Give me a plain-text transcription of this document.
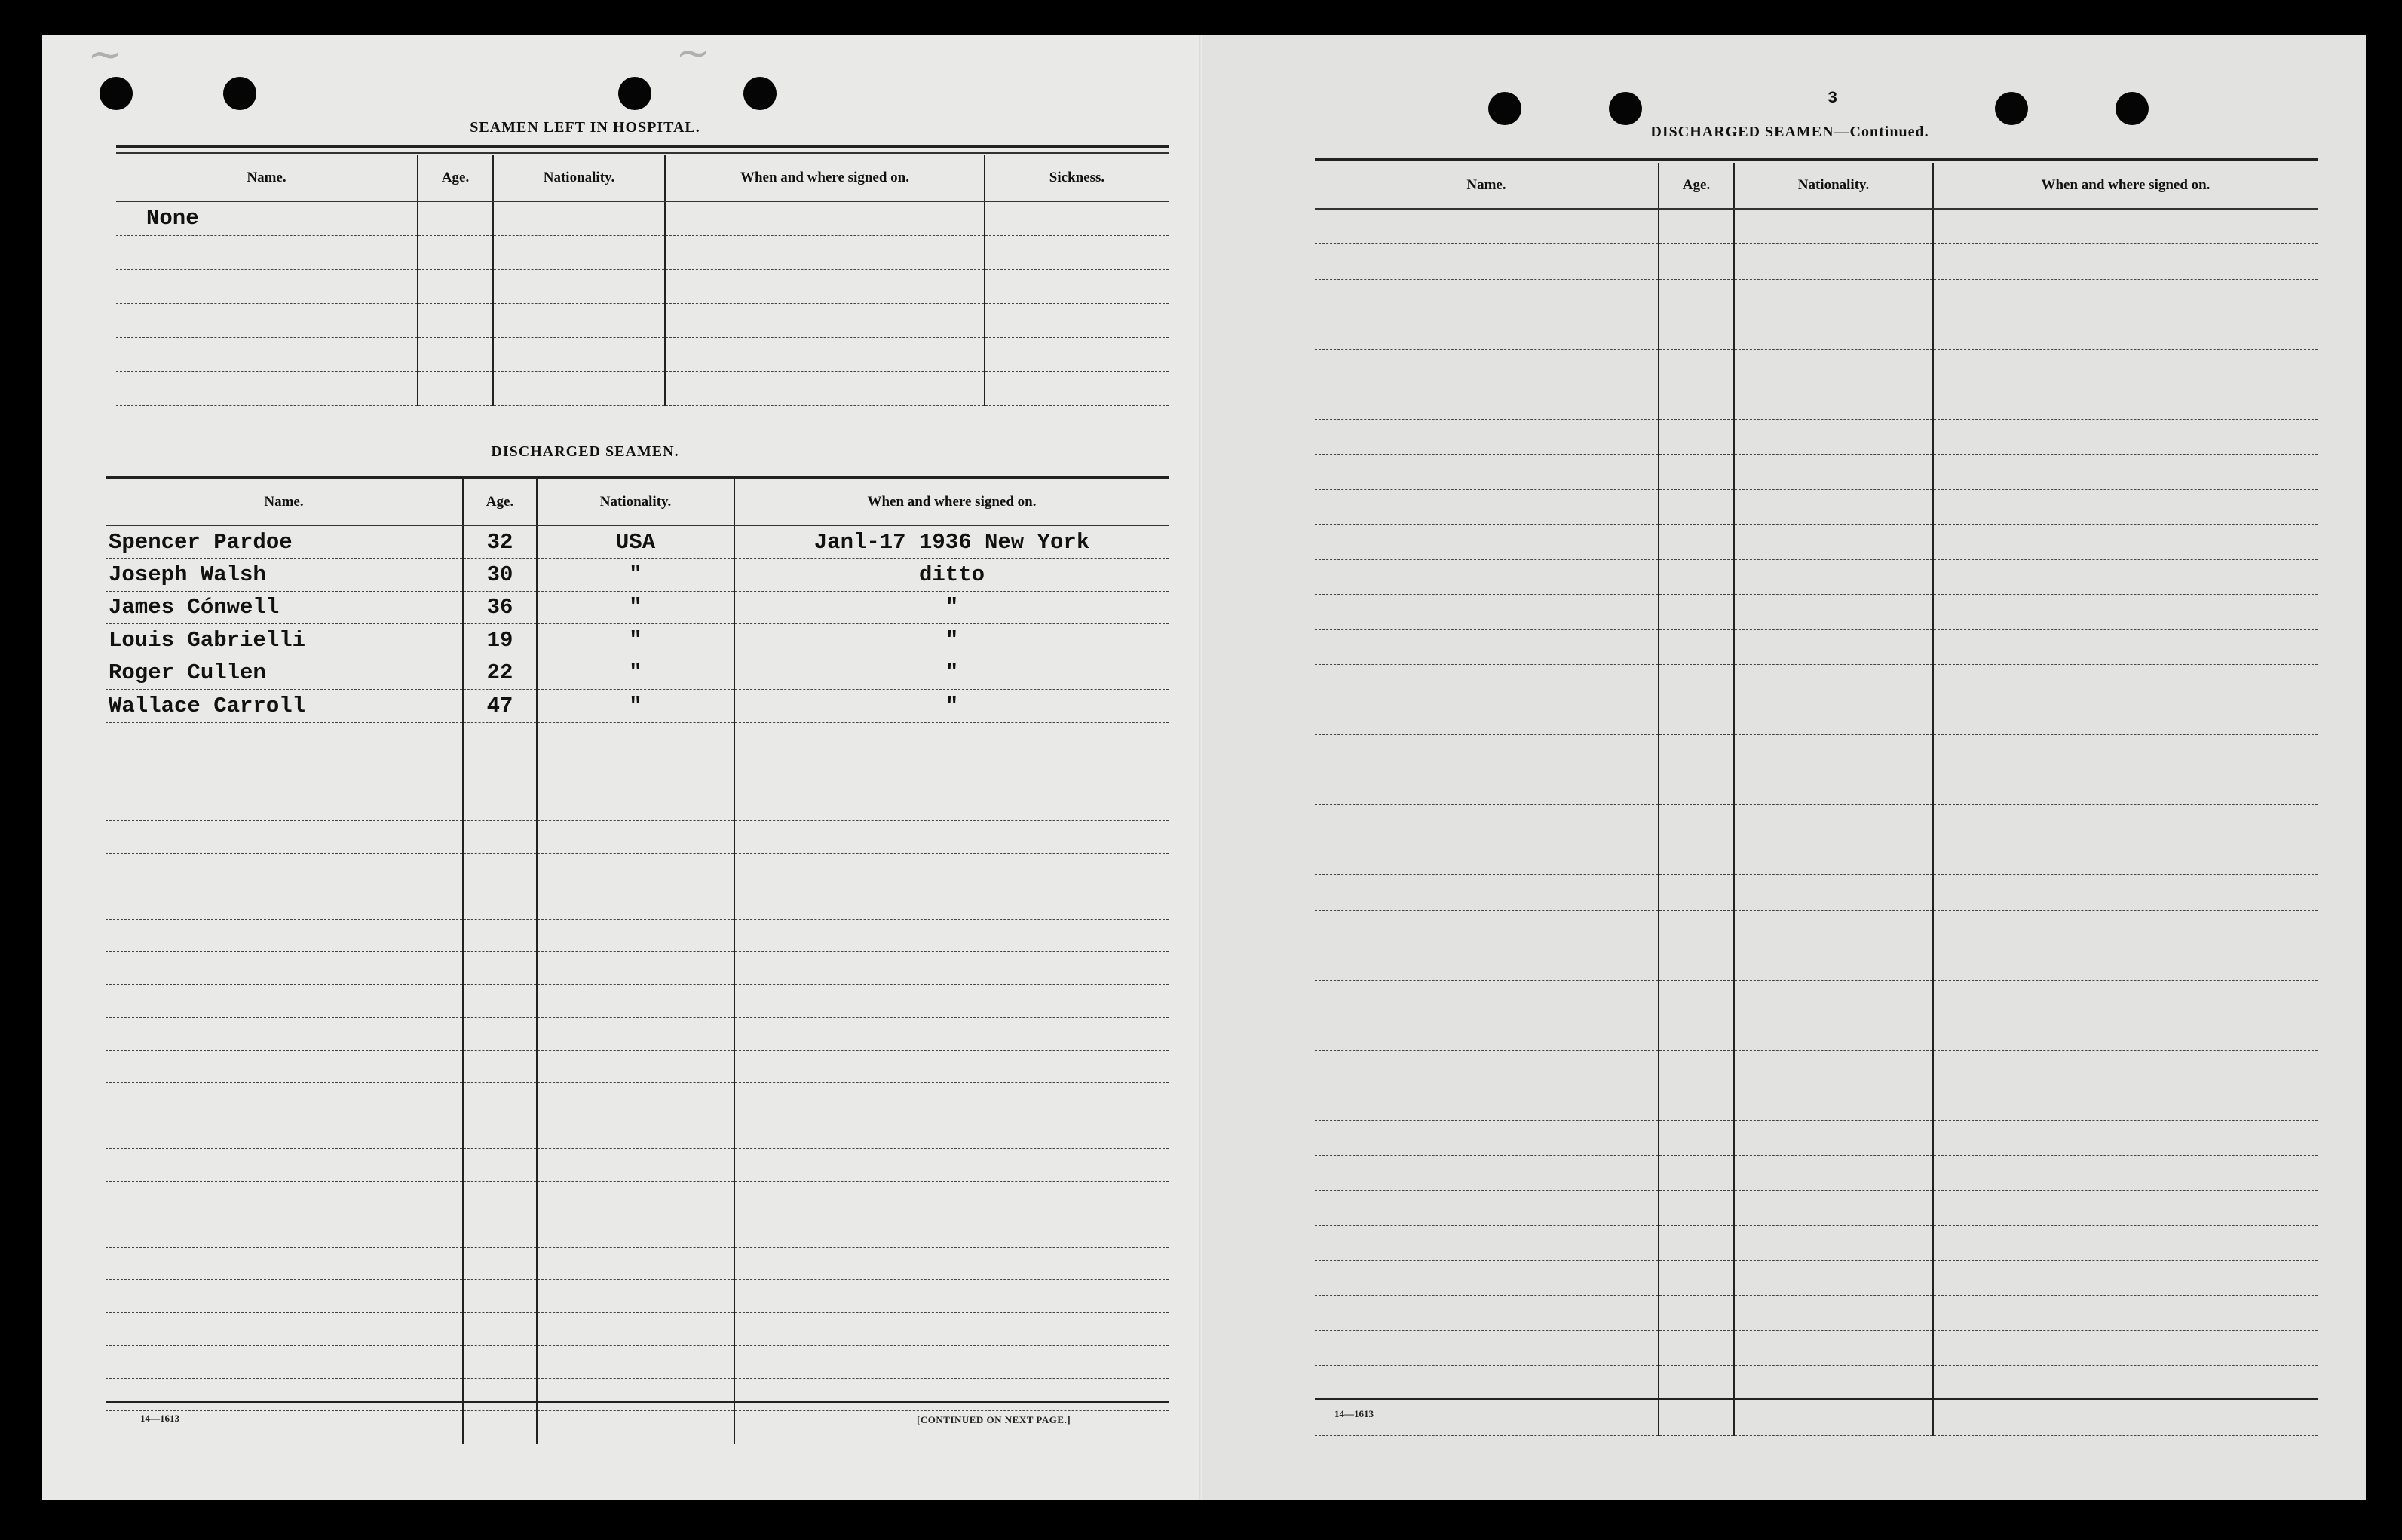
~	~
SEAMEN LEFT IN HOSPITAL.
Name.	Age.	Nationality.	When and where signed on.	Sickness.
None				

DISCHARGED SEAMEN.
Name.	Age.	Nationality.	When and where signed on.
Spencer Pardoe	32	USA	Janl-17 1936 New York
Joseph Walsh	30	"	ditto
James Cónwell	36	"	"
Louis Gabrielli	19	"	"
Roger Cullen	22	"	"
Wallace Carroll	47	"	"

14—1613	[CONTINUED ON NEXT PAGE.]
3
DISCHARGED SEAMEN—Continued.
Name.	Age.	Nationality.	When and where signed on.

14—1613
